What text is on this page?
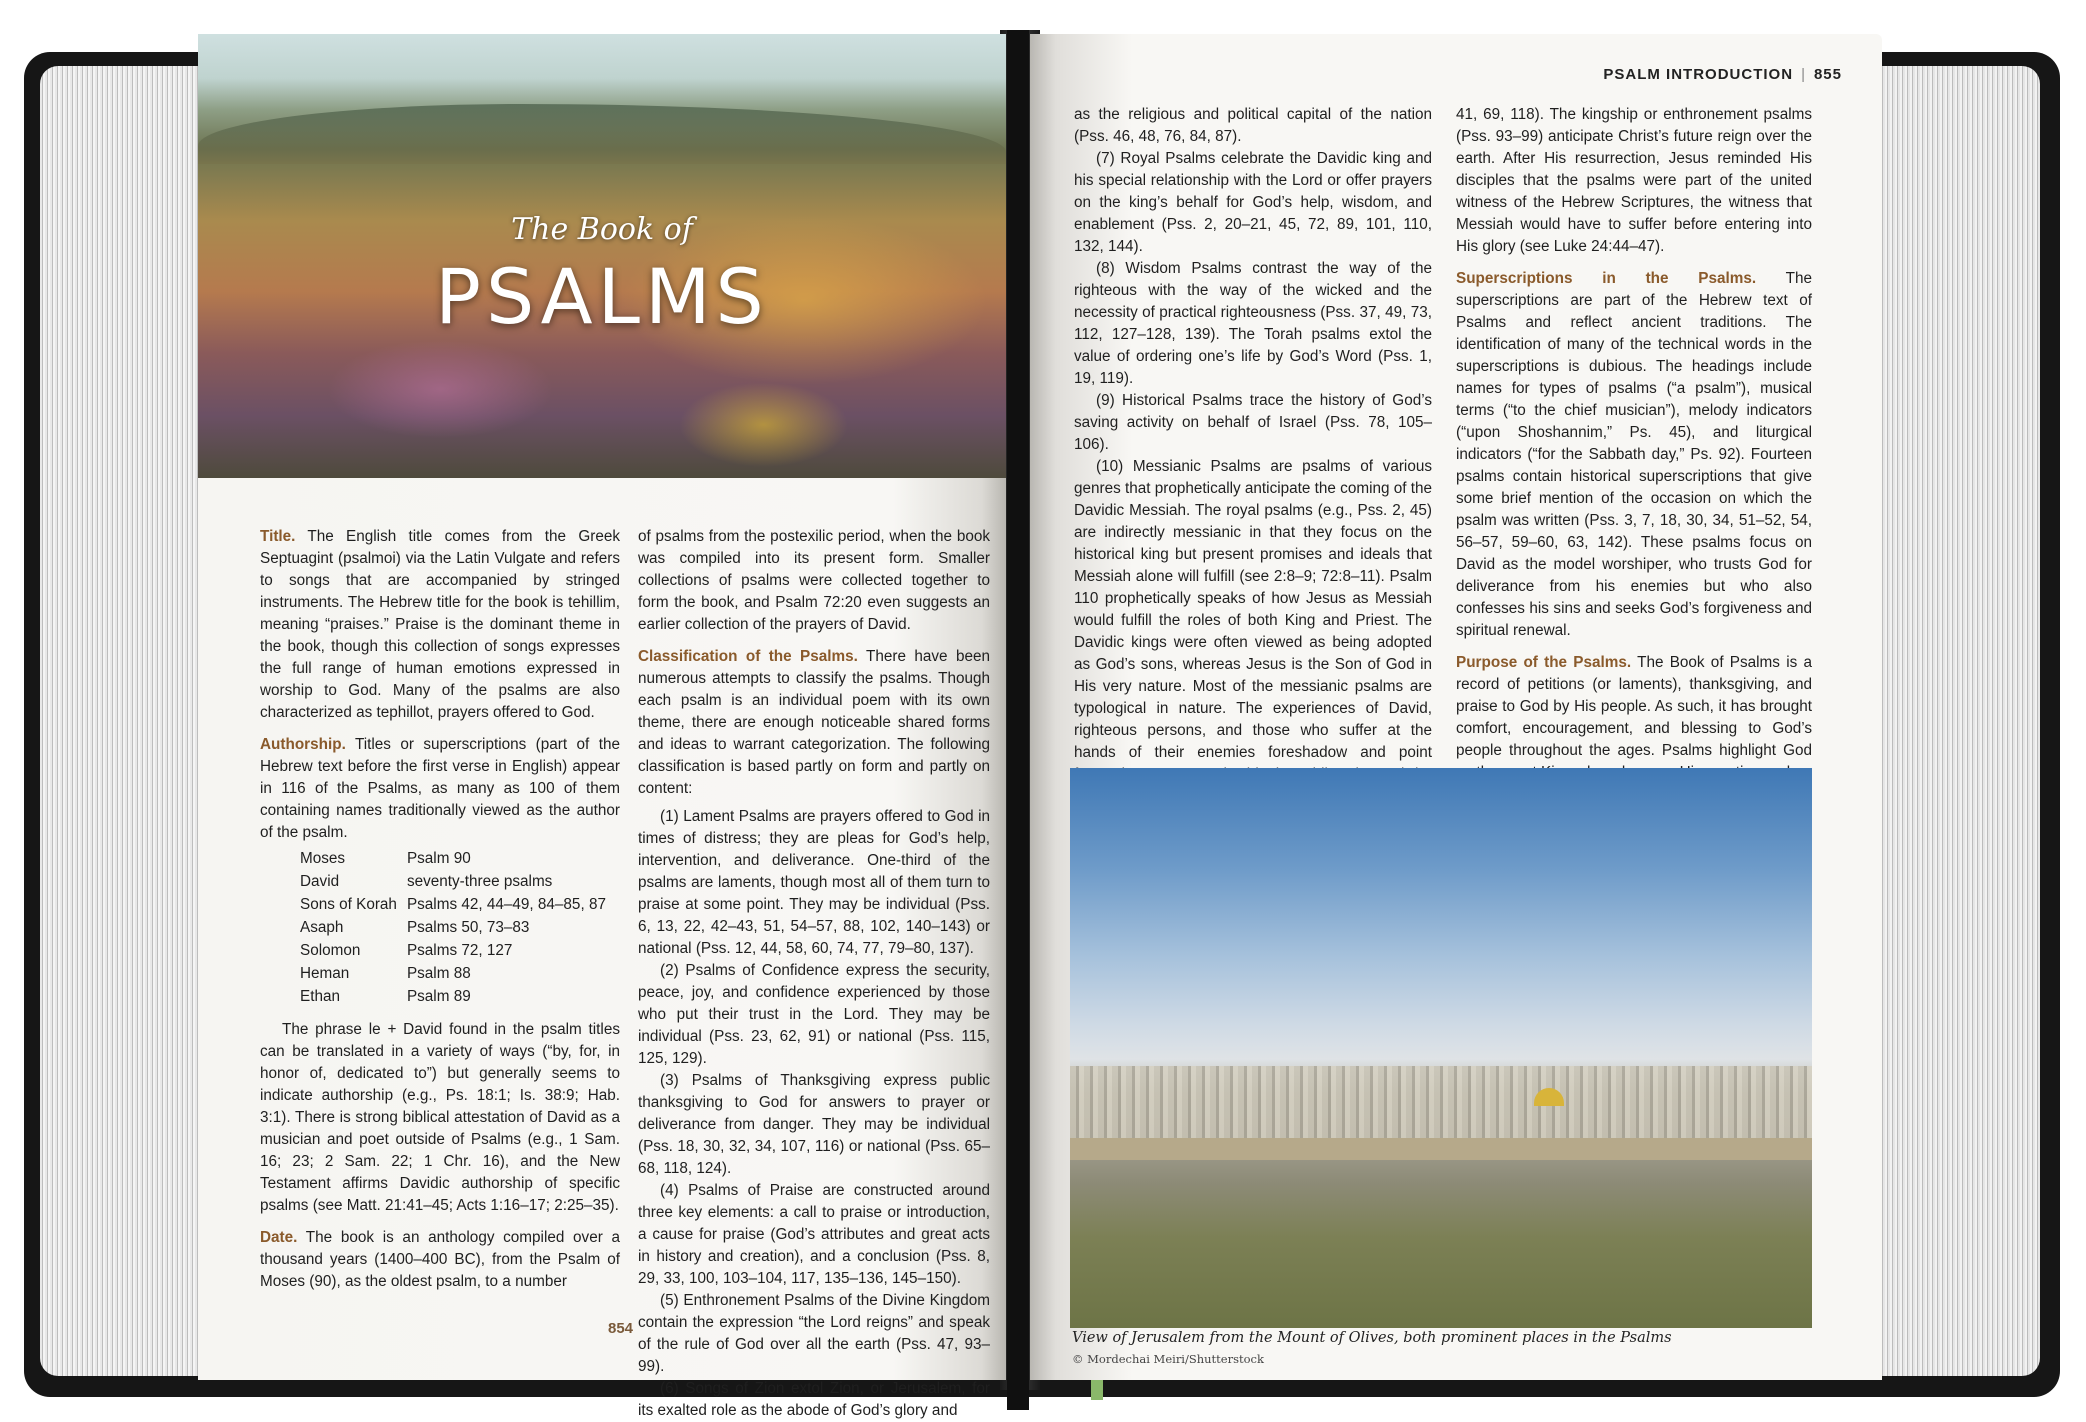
The Book of
PSALMS

Title. The English title comes from the Greek Septuagint (psalmoi) via the Latin Vulgate and refers to songs that are accompanied by stringed instruments. The Hebrew title for the book is tehillim, meaning “praises.” Praise is the dominant theme in the book, though this collection of songs expresses the full range of human emotions expressed in worship to God. Many of the psalms are also characterized as tephillot, prayers offered to God.

Authorship. Titles or superscriptions (part of the Hebrew text before the first verse in English) appear in 116 of the Psalms, as many as 100 of them containing names traditionally viewed as the author of the psalm.

Moses	Psalm 90
David	seventy-three psalms
Sons of Korah	Psalms 42, 44–49, 84–85, 87
Asaph	Psalms 50, 73–83
Solomon	Psalms 72, 127
Heman	Psalm 88
Ethan	Psalm 89

The phrase le + David found in the psalm titles can be translated in a variety of ways (“by, for, in honor of, dedicated to”) but generally seems to indicate authorship (e.g., Ps. 18:1; Is. 38:9; Hab. 3:1). There is strong biblical attestation of David as a musician and poet outside of Psalms (e.g., 1 Sam. 16; 23; 2 Sam. 22; 1 Chr. 16), and the New Testament affirms Davidic authorship of specific psalms (see Matt. 21:41–45; Acts 1:16–17; 2:25–35).

Date. The book is an anthology compiled over a thousand years (1400–400 BC), from the Psalm of Moses (90), as the oldest psalm, to a number

of psalms from the postexilic period, when the book was compiled into its present form. Smaller collections of psalms were collected together to form the book, and Psalm 72:20 even suggests an earlier collection of the prayers of David.

Classification of the Psalms. There have been numerous attempts to classify the psalms. Though each psalm is an individual poem with its own theme, there are enough noticeable shared forms and ideas to warrant categorization. The following classification is based partly on form and partly on content:

(1) Lament Psalms are prayers offered to God in times of distress; they are pleas for God’s help, intervention, and deliverance. One-third of the psalms are laments, though most all of them turn to praise at some point. They may be individual (Pss. 6, 13, 22, 42–43, 51, 54–57, 88, 102, 140–143) or national (Pss. 12, 44, 58, 60, 74, 77, 79–80, 137).

(2) Psalms of Confidence express the security, peace, joy, and confidence experienced by those who put their trust in the Lord. They may be individual (Pss. 23, 62, 91) or national (Pss. 115, 125, 129).

(3) Psalms of Thanksgiving express public thanksgiving to God for answers to prayer or deliverance from danger. They may be individual (Pss. 18, 30, 32, 34, 107, 116) or national (Pss. 65–68, 118, 124).

(4) Psalms of Praise are constructed around three key elements: a call to praise or introduction, a cause for praise (God’s attributes and great acts in history and creation), and a conclusion (Pss. 8, 29, 33, 100, 103–104, 117, 135–136, 145–150).

(5) Enthronement Psalms of the Divine Kingdom contain the expression “the Lord reigns” and speak of the rule of God over all the earth (Pss. 47, 93–99).

(6) Songs of Zion extol Zion, or Jerusalem, for its exalted role as the abode of God’s glory and

854
PSALM INTRODUCTION | 855

as the religious and political capital of the nation (Pss. 46, 48, 76, 84, 87).

(7) Royal Psalms celebrate the Davidic king and his special relationship with the Lord or offer prayers on the king’s behalf for God’s help, wisdom, and enablement (Pss. 2, 20–21, 45, 72, 89, 101, 110, 132, 144).

(8) Wisdom Psalms contrast the way of the righteous with the way of the wicked and the necessity of practical righteousness (Pss. 37, 49, 73, 112, 127–128, 139). The Torah psalms extol the value of ordering one’s life by God’s Word (Pss. 1, 19, 119).

(9) Historical Psalms trace the history of God’s saving activity on behalf of Israel (Pss. 78, 105–106).

(10) Messianic Psalms are psalms of various genres that prophetically anticipate the coming of the Davidic Messiah. The royal psalms (e.g., Pss. 2, 45) are indirectly messianic in that they focus on the historical king but present promises and ideals that Messiah alone will fulfill (see 2:8–9; 72:8–11). Psalm 110 prophetically speaks of how Jesus as Messiah would fulfill the roles of both King and Priest. The Davidic kings were often viewed as being adopted as God’s sons, whereas Jesus is the Son of God in His very nature. Most of the messianic psalms are typological in nature. The experiences of David, righteous persons, and those who suffer at the hands of their enemies foreshadow and point

41, 69, 118). The kingship or enthronement psalms (Pss. 93–99) anticipate Christ’s future reign over the earth. After His resurrection, Jesus reminded His disciples that the psalms were part of the united witness of the Hebrew Scriptures, the witness that Messiah would have to suffer before entering into His glory (see Luke 24:44–47).

Superscriptions in the Psalms. The superscriptions are part of the Hebrew text of Psalms and reflect ancient traditions. The identification of many of the technical words in the superscriptions is dubious. The headings include names for types of psalms (“a psalm”), musical terms (“to the chief musician”), melody indicators (“upon Shoshannim,” Ps. 45), and liturgical indicators (“for the Sabbath day,” Ps. 92). Fourteen psalms contain historical superscriptions that give some brief mention of the occasion on which the psalm was written (Pss. 3, 7, 18, 30, 34, 51–52, 54, 56–57, 59–60, 63, 142). These psalms focus on David as the model worshiper, who trusts God for deliverance from his enemies but who also confesses his sins and seeks God’s forgiveness and spiritual renewal.

Purpose of the Psalms. The Book of Psalms is a record of petitions (or laments), thanksgiving, and praise to God by His people. As such, it has brought comfort, encouragement, and blessing to God’s people throughout the ages. Psalms highlight God

View of Jerusalem from the Mount of Olives, both prominent places in the Psalms
© Mordechai Meiri/Shutterstock
